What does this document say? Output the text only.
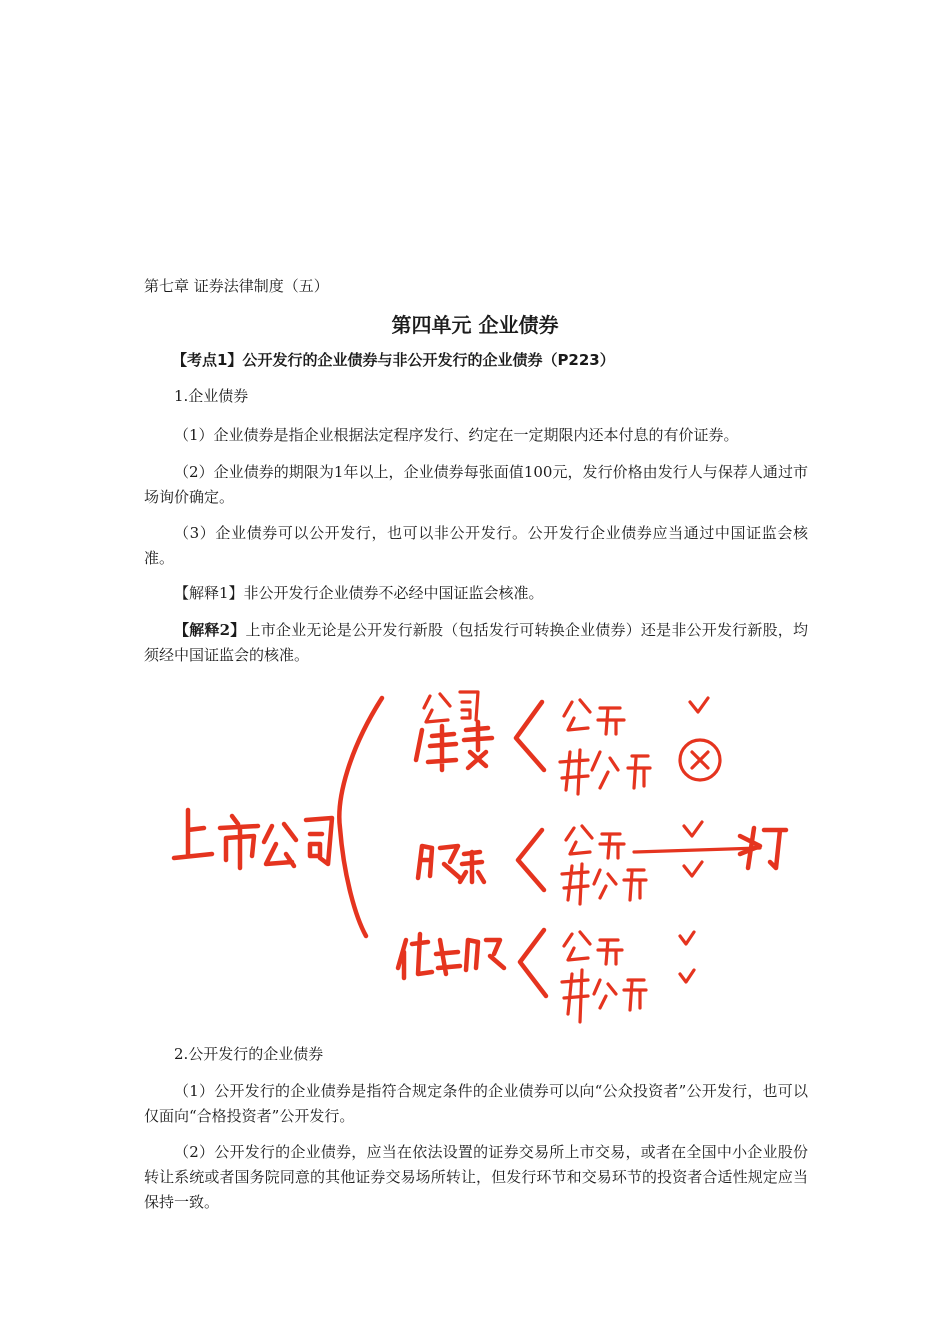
第七章 证券法律制度（五）
第四单元 企业债券
【考点1】公开发行的企业债券与非公开发行的企业债券（P223）
1.企业债券
（1）企业债券是指企业根据法定程序发行、约定在一定期限内还本付息的有价证券。
（2）企业债券的期限为1年以上，企业债券每张面值100元，发行价格由发行人与保荐人通过市场询价确定。
（3）企业债券可以公开发行，也可以非公开发行。公开发行企业债券应当通过中国证监会核准。
【解释1】非公开发行企业债券不必经中国证监会核准。
【解释2】上市企业无论是公开发行新股（包括发行可转换企业债券）还是非公开发行新股，均须经中国证监会的核准。
2.公开发行的企业债券
（1）公开发行的企业债券是指符合规定条件的企业债券可以向“公众投资者”公开发行，也可以仅面向“合格投资者”公开发行。
（2）公开发行的企业债券，应当在依法设置的证券交易所上市交易，或者在全国中小企业股份转让系统或者国务院同意的其他证券交易场所转让，但发行环节和交易环节的投资者合适性规定应当保持一致。
